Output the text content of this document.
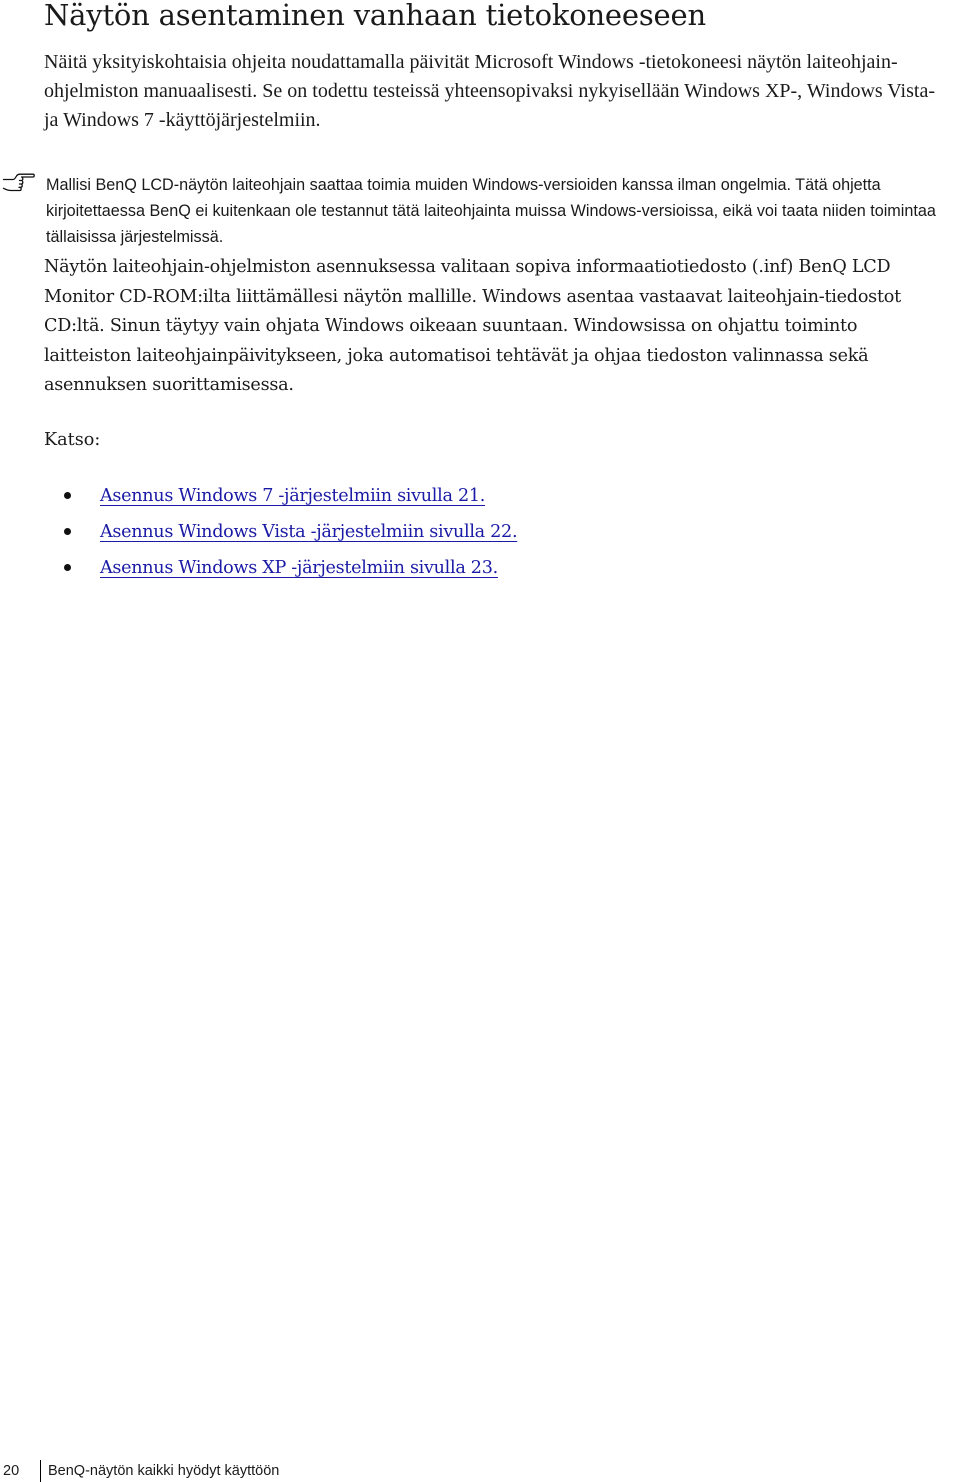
Näytön asentaminen vanhaan tietokoneeseen

Näitä yksityiskohtaisia ohjeita noudattamalla päivität Microsoft Windows -tietokoneesi näytön laiteohjain-ohjelmiston manuaalisesti. Se on todettu testeissä yhteensopivaksi nykyisellään Windows XP-, Windows Vista- ja Windows 7 -käyttöjärjestelmiin.

Mallisi BenQ LCD-näytön laiteohjain saattaa toimia muiden Windows-versioiden kanssa ilman ongelmia. Tätä ohjetta kirjoitettaessa BenQ ei kuitenkaan ole testannut tätä laiteohjainta muissa Windows-versioissa, eikä voi taata niiden toimintaa tällaisissa järjestelmissä.

Näytön laiteohjain-ohjelmiston asennuksessa valitaan sopiva informaatiotiedosto (.inf) BenQ LCD Monitor CD-ROM:ilta liittämällesi näytön mallille. Windows asentaa vastaavat laiteohjain-tiedostot CD:ltä. Sinun täytyy vain ohjata Windows oikeaan suuntaan. Windowsissa on ohjattu toiminto laitteiston laiteohjainpäivitykseen, joka automatisoi tehtävät ja ohjaa tiedoston valinnassa sekä asennuksen suorittamisessa.

Katso:

Asennus Windows 7 -järjestelmiin sivulla 21.
Asennus Windows Vista -järjestelmiin sivulla 22.
Asennus Windows XP -järjestelmiin sivulla 23.
20 BenQ-näytön kaikki hyödyt käyttöön
